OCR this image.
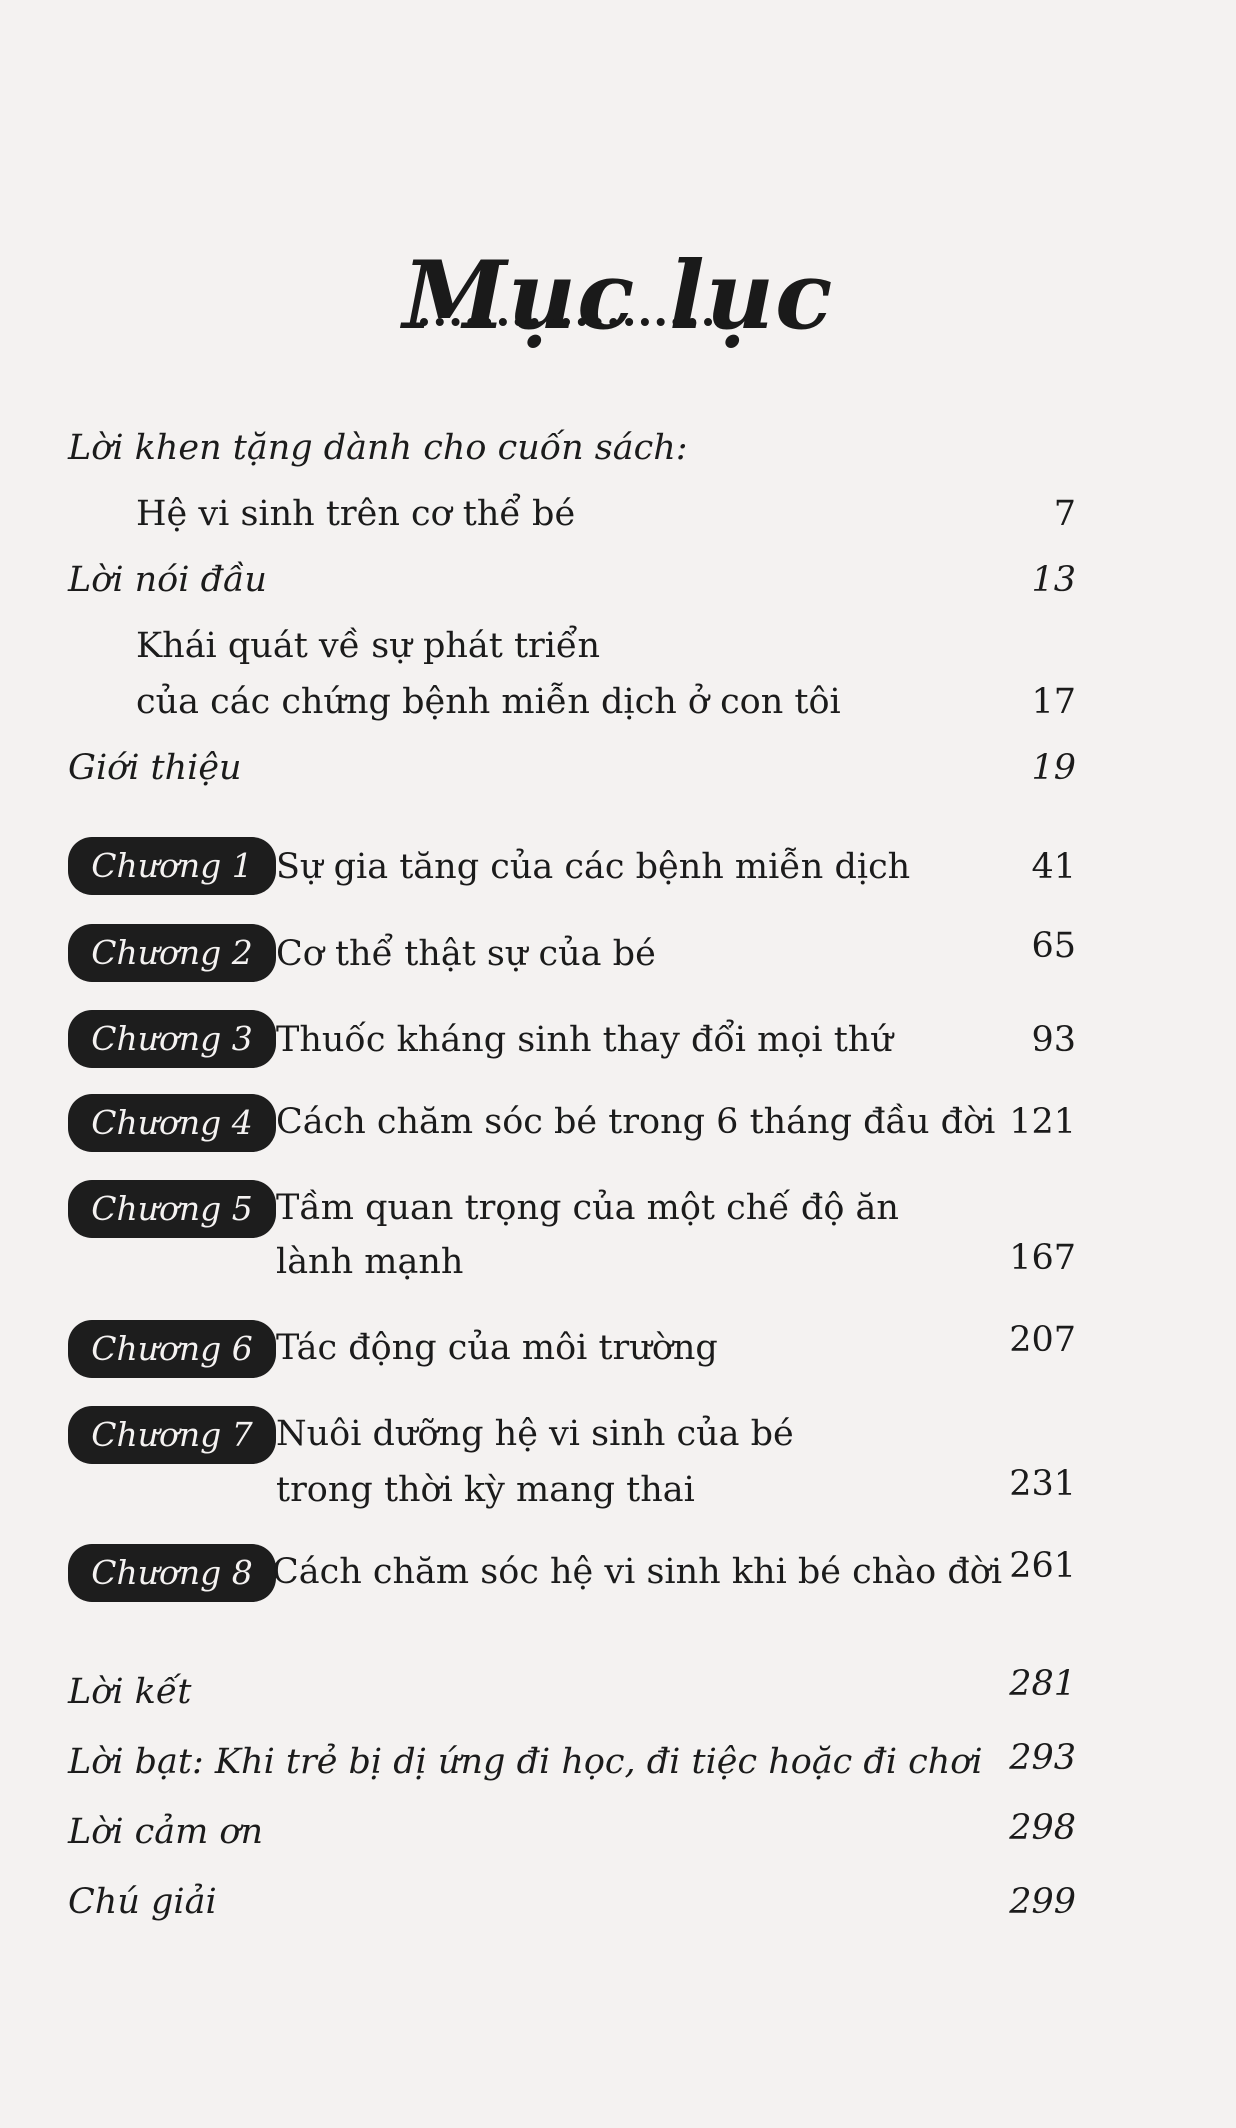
Mục lục
Lời khen tặng dành cho cuốn sách:
Hệ vi sinh trên cơ thể bé	7
Lời nói đầu	13
Khái quát về sự phát triển
của các chứng bệnh miễn dịch ở con tôi	17
Giới thiệu	19
Chương 1 Sự gia tăng của các bệnh miễn dịch	41
Chương 2 Cơ thể thật sự của bé	65
Chương 3 Thuốc kháng sinh thay đổi mọi thứ	93
Chương 4 Cách chăm sóc bé trong 6 tháng đầu đời 121
Chương 5 Tầm quan trọng của một chế độ ăn
lành mạnh	167
Chương 6 Tác động của môi trường	207
Chương 7 Nuôi dưỡng hệ vi sinh của bé
trong thời kỳ mang thai	231
Chương 8 Cách chăm sóc hệ vi sinh khi bé chào đời 261
Lời kết	281
Lời bạt: Khi trẻ bị dị ứng đi học, đi tiệc hoặc đi chơi 293
Lời cảm ơn	298
Chú giải	299
